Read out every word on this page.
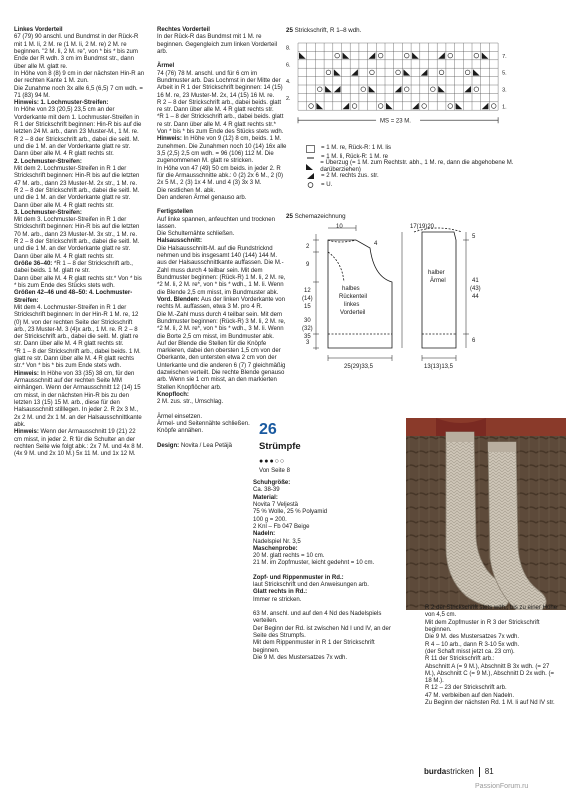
Linkes Vorderteil

67 (79) 90 anschl. und Bundmst in der Rück-R mit 1 M. li, 2 M. re (1 M. li, 2 M. re) 2 M. re beginnen. "2 M. li, 2 M. re", von * bis * bis zum Ende der R wdh. 3 cm im Bundmst str., dann über alle M. glatt re.

In Höhe von 8 (8) 9 cm in der nächsten Hin-R an der rechten Kante 1 M. zun.

Die Zunahme noch 3x alle 6,5 (6,5) 7 cm wdh. = 71 (83) 94 M.

Hinweis: 1. Lochmuster-Streifen:

In Höhe von 23 (20,5) 23,5 cm an der Vorderkante mit dem 1. Lochmuster-Streifen in R 1 der Strickschrift beginnen: Hin-R bis auf die letzten 24 M. arb., dann 23 Muster-M., 1 M. re.

R 2 – 8 der Strickschrift arb., dabei die seitl. M. und die 1 M. an der Vorderkante glatt re str. Dann über alle M. 4 R glatt rechts str.

2. Lochmuster-Streifen:

Mit dem 2. Lochmuster-Streifen in R 1 der Strickschrift beginnen: Hin-R bis auf die letzten 47 M. arb., dann 23 Muster-M. 2x str., 1 M. re.

R 2 – 8 der Strickschrift arb., dabei die seitl. M. und die 1 M. an der Vorderkante glatt re str. Dann über alle M. 4 R glatt rechts str.

3. Lochmuster-Streifen:

Mit dem 3. Lochmuster-Streifen in R 1 der Strickschrift beginnen: Hin-R bis auf die letzten 70 M. arb., dann 23 Muster-M. 3x str., 1 M. re.

R 2 – 8 der Strickschrift arb., dabei die seitl. M. und die 1 M. an der Vorderkante glatt re str. Dann über alle M. 4 R glatt rechts str.

Größe 36–40: *R 1 – 8 der Strickschrift arb., dabei beids. 1 M. glatt re str.

Dann über alle M. 4 R glatt rechts str.* Von * bis * bis zum Ende des Stücks stets wdh.

Größen 42–46 und 48–50: 4. Lochmuster-Streifen:

Mit dem 4. Lochmuster-Streifen in R 1 der Strickschrift beginnen: In der Hin-R 1 M. re, 12 (0) M. von der rechten Seite der Strickschrift arb., 23 Muster-M. 3 (4)x arb., 1 M. re. R 2 – 8 der Strickschrift arb., dabei die seitl. M. glatt re str. Dann über alle M. 4 R glatt rechts str.

*R 1 – 8 der Strickschrift arb., dabei beids. 1 M. glatt re str. Dann über alle M. 4 R glatt rechts str.* Von * bis * bis zum Ende stets wdh.

Hinweis: In Höhe von 33 (35) 38 cm, für den Armausschnitt auf der rechten Seite MM einhängen. Wenn der Armausschnitt 12 (14) 15 cm misst, in der nächsten Hin-R bis zu den letzten 13 (15) 15 M. arb., diese für den Halsausschnitt stilllegen. In jeder 2. R 2x 3 M., 2x 2 M. und 2x 1 M. an der Halsausschnittkante abk.

Hinweis: Wenn der Armausschnitt 19 (21) 22 cm misst, in jeder 2. R für die Schulter an der rechten Seite wie folgt abk.: 2x 7 M. und 4x 8 M. (4x 9 M. und 2x 10 M.) 5x 11 M. und 1x 12 M.

Rechtes Vorderteil

In der Rück-R das Bundmst mit 1 M. re beginnen. Gegengleich zum linken Vorderteil arb.

Ärmel

74 (76) 78 M. anschl. und für 6 cm im Bundmuster arb. Das Lochmst in der Mitte der Arbeit in R 1 der Strickschrift beginnen: 14 (15) 16 M. re, 23 Muster-M. 2x, 14 (15) 16 M. re.

R 2 – 8 der Strickschrift arb., dabei beids. glatt re str. Dann über alle M. 4 R glatt rechts str.

*R 1 – 8 der Strickschrift arb., dabei beids. glatt re str. Dann über alle M. 4 R glatt rechts str.* Von * bis * bis zum Ende des Stücks stets wdh.

Hinweis: In Höhe von 9 (12) 8 cm, beids. 1 M. zunehmen. Die Zunahmen noch 10 (14) 16x alle 3,5 (2,5) 2,5 cm wdh. = 96 (106) 112 M. Die zugenommenen M. glatt re stricken.

In Höhe von 47 (49) 50 cm beids. in jeder 2. R für die Armausschnitte abk.: 0 (2) 2x 6 M., 2 (0) 2x 5 M., 2 (3) 1x 4 M. und 4 (3) 3x 3 M.

Die restlichen M. abk.

Den anderen Ärmel genauso arb.

Fertigstellen

Auf linke spannen, anfeuchten und trocknen lassen.

Die Schulternähte schließen.

Halsausschnitt:

Die Halsausschnitt-M. auf die Rundstricknd nehmen und bis insgesamt 140 (144) 144 M. aus der Halsausschnittkante auffassen. Die M.-Zahl muss durch 4 teilbar sein. Mit dem Bundmuster beginnen: (Rück-R) 1 M. li, 2 M. re, *2 M. li, 2 M. re*, von * bis * wdh., 1 M. li. Wenn die Blende 2,5 cm misst, im Bundmuster abk.

Vord. Blenden: Aus der linken Vorderkante von rechts M. auffassen, etwa 3 M. pro 4 R.

Die M.-Zahl muss durch 4 teilbar sein. Mit dem Bundmuster beginnen: (Rück-R) 3 M. li, 2 M. re, *2 M. li, 2 M. re*, von * bis * wdh., 3 M. li. Wenn die Borte 2,5 cm misst, im Bundmuster abk.

Auf der Blende die Stellen für die Knöpfe markieren, dabei den obersten 1,5 cm von der Oberkante, den untersten etwa 2 cm von der Unterkante und die anderen 6 (7) 7 gleichmäßig dazwischen verteilt. Die rechte Blende genauso arb. Wenn sie 1 cm misst, an den markierten Stellen Knopflöcher arb.

Knopfloch:

2 M. zus. str., Umschlag.

Ärmel einsetzen.

Ärmel- und Seitennähte schließen.

Knöpfe annähen.

Design: Novita / Lea Petäjä

25 Strickschrift, R 1–8 wdh.
8.
6.
4.
2.
7.
5.
3.
1.
MS = 23 M.
= 1 M. re, Rück-R: 1 M. lis
= 1 M. li, Rück-R: 1 M. re
= Überzug (= 1 M. zum Rechtstr. abh., 1 M. re, dann die abgehobene M. darüberziehen)
= 2 M. rechts zus. str.
= U.
25 Schemazeichnung
10
2
9
12
(14)
15
30
(32)
35
3
4
halbes
Rückenteil
linkes
Vorderteil
25(29)33,5
17(19)20
5
halber
Ärmel	41
(43)
44
6
13(13)13,5
26
Strümpfe
●●●○○
Von Seite 8

Schuhgröße:

Ca. 38-39

Material:

Novita 7 Veljestä

75 % Wolle, 25 % Polyamid

100 g = 200.

2 Knl – Fb 047 Beige

Nadeln:

Nadelspiel Nr. 3,5

Maschenprobe:

20 M. glatt rechts = 10 cm.

21 M. im Zopfmuster, leicht gedehnt = 10 cm.

Zopf- und Rippenmuster in Rd.:

laut Strickschrift und den Anweisungen arb.

Glatt rechts in Rd.:

Immer re stricken.

63 M. anschl. und auf den 4 Nd des Nadelspiels verteilen.

Der Beginn der Rd. ist zwischen Nd I und IV, an der Seite des Strumpfs.

Mit dem Rippenmuster in R 1 der Strickschrift beginnen.

Die 9 M. des Mustersatzes 7x wdh.

R 2 der Strickschrift stets wdh., bis zu einer Höhe von 4,5 cm.

Mit dem Zopfmuster in R 3 der Strickschrift beginnen.

Die 9 M. des Mustersatzes 7x wdh.

R 4 – 10 arb., dann R 3-10 5x wdh.

(der Schaft misst jetzt ca. 23 cm).

R 11 der Strickschrift arb.:

Abschnitt A (= 9 M.), Abschnitt B 3x wdh. (= 27 M.), Abschnitt C (= 9 M.), Abschnitt D 2x wdh. (= 18 M.).

R 12 – 23 der Strickschrift arb.

47 M. verbleiben auf den Nadeln.

Zu Beginn der nächsten Rd. 1 M. li auf Nd IV str.

burdastricken 81
PassionForum.ru
